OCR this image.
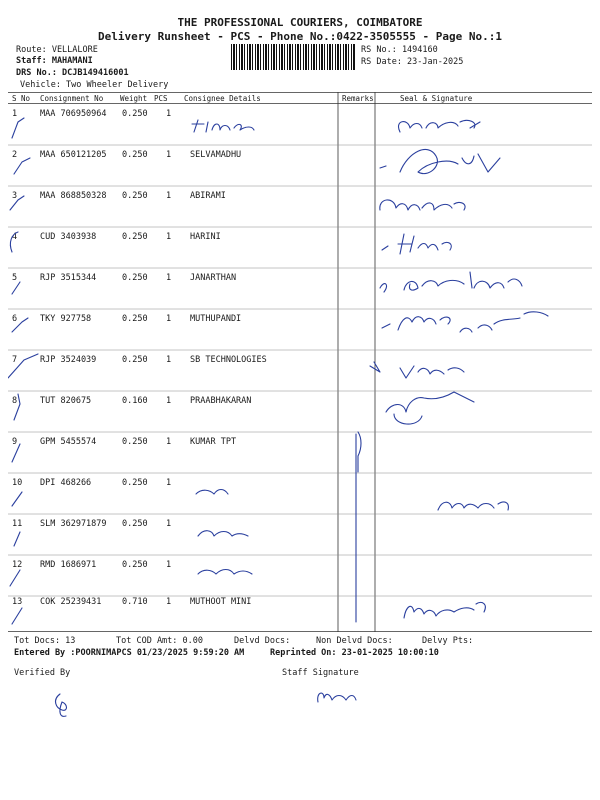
THE PROFESSIONAL COURIERS, COIMBATORE
Delivery Runsheet - PCS - Phone No.:0422-3505555 - Page No.:1
Route: VELLALORE
Staff: MAHAMANI
DRS No.: DCJB149416001
Vehicle: Two Wheeler Delivery
RS No.: 1494160
RS Date: 23-Jan-2025
S No Consignment No Weight PCS Consignee Details	Remarks	Seal & Signature
1	MAA 706950964 0.250 1
2	MAA 650121205 0.250 1 SELVAMADHU
3	MAA 868850328 0.250 1 ABIRAMI
4	CUD 3403938	0.250 1 HARINI
5	RJP 3515344	0.250 1 JANARTHAN
6	TKY 927758	0.250 1 MUTHUPANDI
7	RJP 3524039	0.250 1 SB TECHNOLOGIES
8	TUT 820675	0.160 1 PRAABHAKARAN
9	GPM 5455574	0.250 1 KUMAR TPT
10 DPI 468266	0.250 1
11 SLM 362971879 0.250 1
12 RMD 1686971	0.250 1
13 COK 25239431 0.710 1 MUTHOOT MINI
Tot Docs: 13	Tot COD Amt: 0.00	Delvd Docs:	Non Delvd Docs:	Delvy Pts:
Entered By :POORNIMAPCS 01/23/2025 9:59:20 AM	Reprinted On: 23-01-2025 10:00:10
Verified By	Staff Signature
